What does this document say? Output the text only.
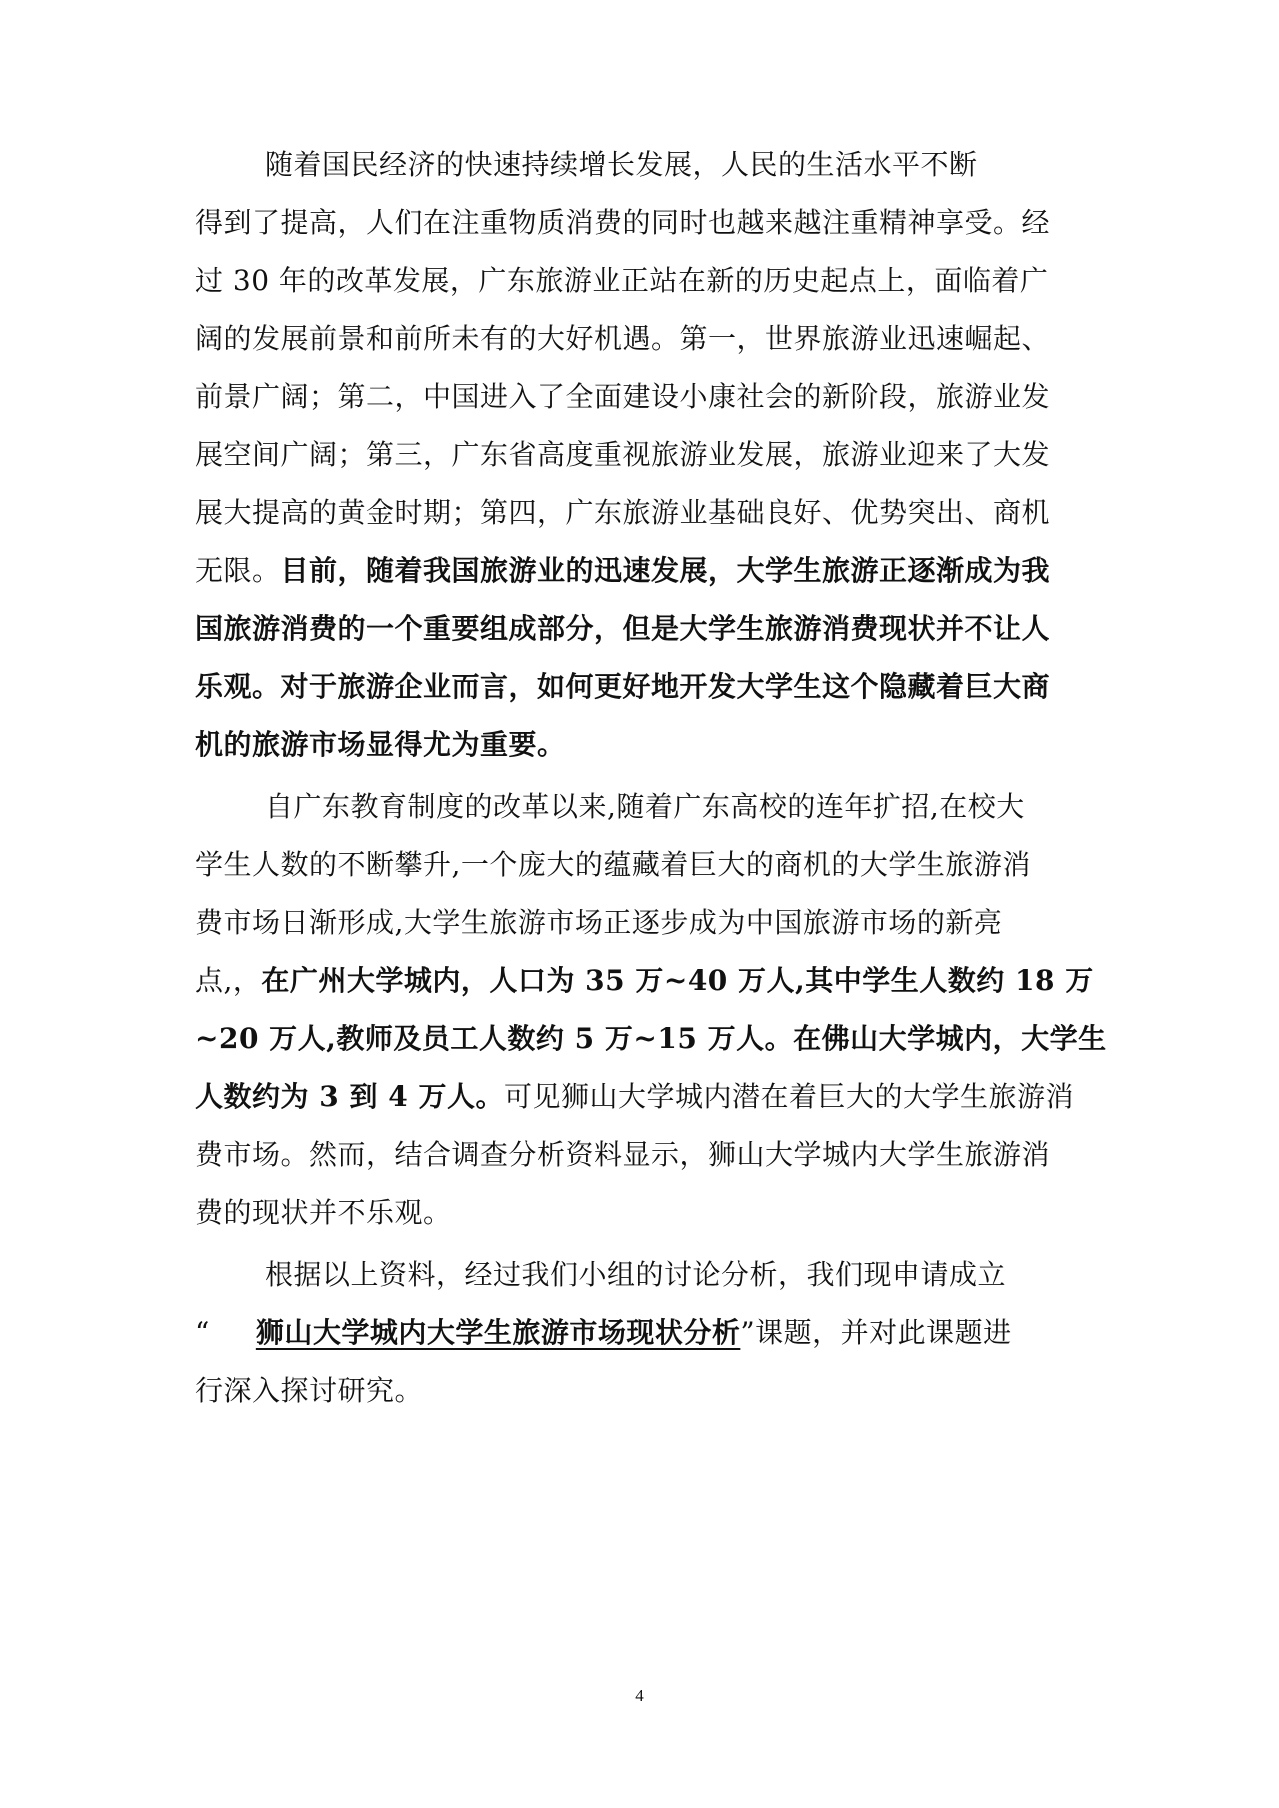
随着国民经济的快速持续增长发展，人民的生活水平不断
得到了提高，人们在注重物质消费的同时也越来越注重精神享受。经
过 30 年的改革发展，广东旅游业正站在新的历史起点上，面临着广
阔的发展前景和前所未有的大好机遇。第一，世界旅游业迅速崛起、
前景广阔；第二，中国进入了全面建设小康社会的新阶段，旅游业发
展空间广阔；第三，广东省高度重视旅游业发展，旅游业迎来了大发
展大提高的黄金时期；第四，广东旅游业基础良好、优势突出、商机
无限。目前，随着我国旅游业的迅速发展，大学生旅游正逐渐成为我
国旅游消费的一个重要组成部分，但是大学生旅游消费现状并不让人
乐观。对于旅游企业而言，如何更好地开发大学生这个隐藏着巨大商
机的旅游市场显得尤为重要。
自广东教育制度的改革以来,随着广东高校的连年扩招,在校大
学生人数的不断攀升,一个庞大的蕴藏着巨大的商机的大学生旅游消
费市场日渐形成,大学生旅游市场正逐步成为中国旅游市场的新亮
点,，在广州大学城内，人口为 35 万~40 万人,其中学生人数约 18 万
~20 万人,教师及员工人数约 5 万~15 万人。在佛山大学城内，大学生
人数约为 3 到 4 万人。可见狮山大学城内潜在着巨大的大学生旅游消
费市场。然而，结合调查分析资料显示，狮山大学城内大学生旅游消
费的现状并不乐观。
根据以上资料，经过我们小组的讨论分析，我们现申请成立
“ 狮山大学城内大学生旅游市场现状分析”课题，并对此课题进
行深入探讨研究。
4
